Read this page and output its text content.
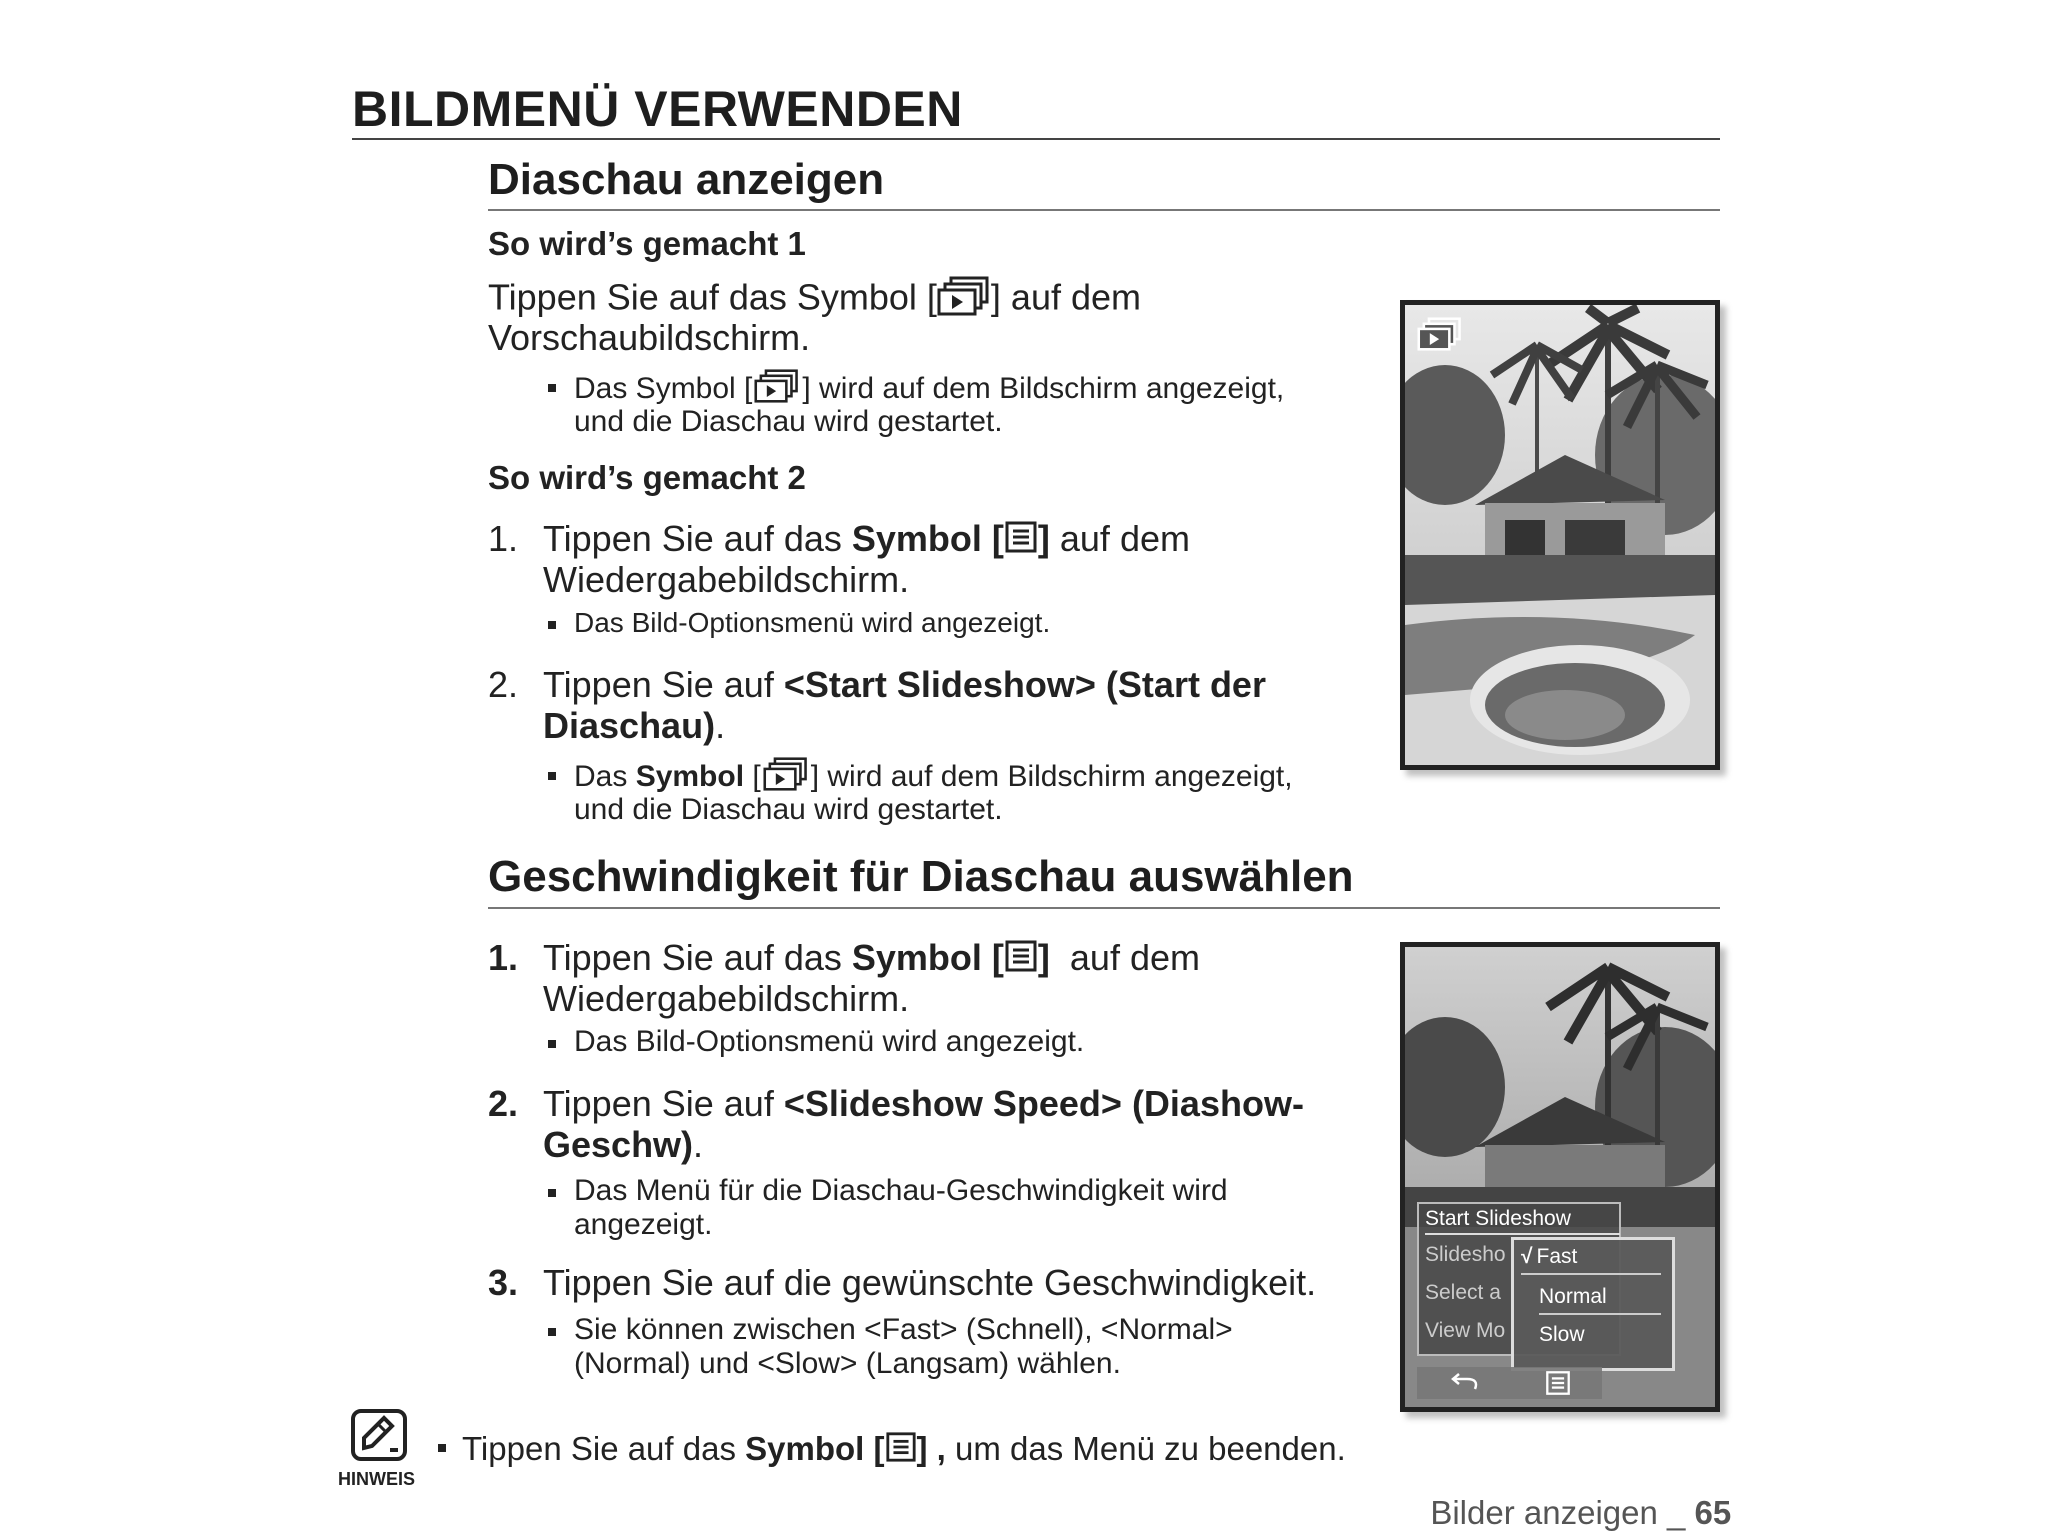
BILDMENÜ VERWENDEN
Diaschau anzeigen
So wird’s gemacht 1
Tippen Sie auf das Symbol [ ] auf dem
Vorschaubildschirm.
Das Symbol [ ] wird auf dem Bildschirm angezeigt,
und die Diaschau wird gestartet.
So wird’s gemacht 2
1. Tippen Sie auf das Symbol [ ] auf dem
Wiedergabebildschirm.
Das Bild-Optionsmenü wird angezeigt.
2. Tippen Sie auf <Start Slideshow> (Start der
Diaschau).
Das Symbol [ ] wird auf dem Bildschirm angezeigt,
und die Diaschau wird gestartet.
Geschwindigkeit für Diaschau auswählen
1. Tippen Sie auf das Symbol [ ]  auf dem
Wiedergabebildschirm.
Das Bild-Optionsmenü wird angezeigt.
2. Tippen Sie auf <Slideshow Speed> (Diashow-
Geschw).
Das Menü für die Diaschau-Geschwindigkeit wird
angezeigt.
3. Tippen Sie auf die gewünschte Geschwindigkeit.
Sie können zwischen <Fast> (Schnell), <Normal>
(Normal) und <Slow> (Langsam) wählen.
Start Slideshow
Slidesho
Select a
View Mo
√ Fast
Normal
Slow
HINWEIS
Tippen Sie auf das Symbol [ ] , um das Menü zu beenden.

Bilder anzeigen _ 65
